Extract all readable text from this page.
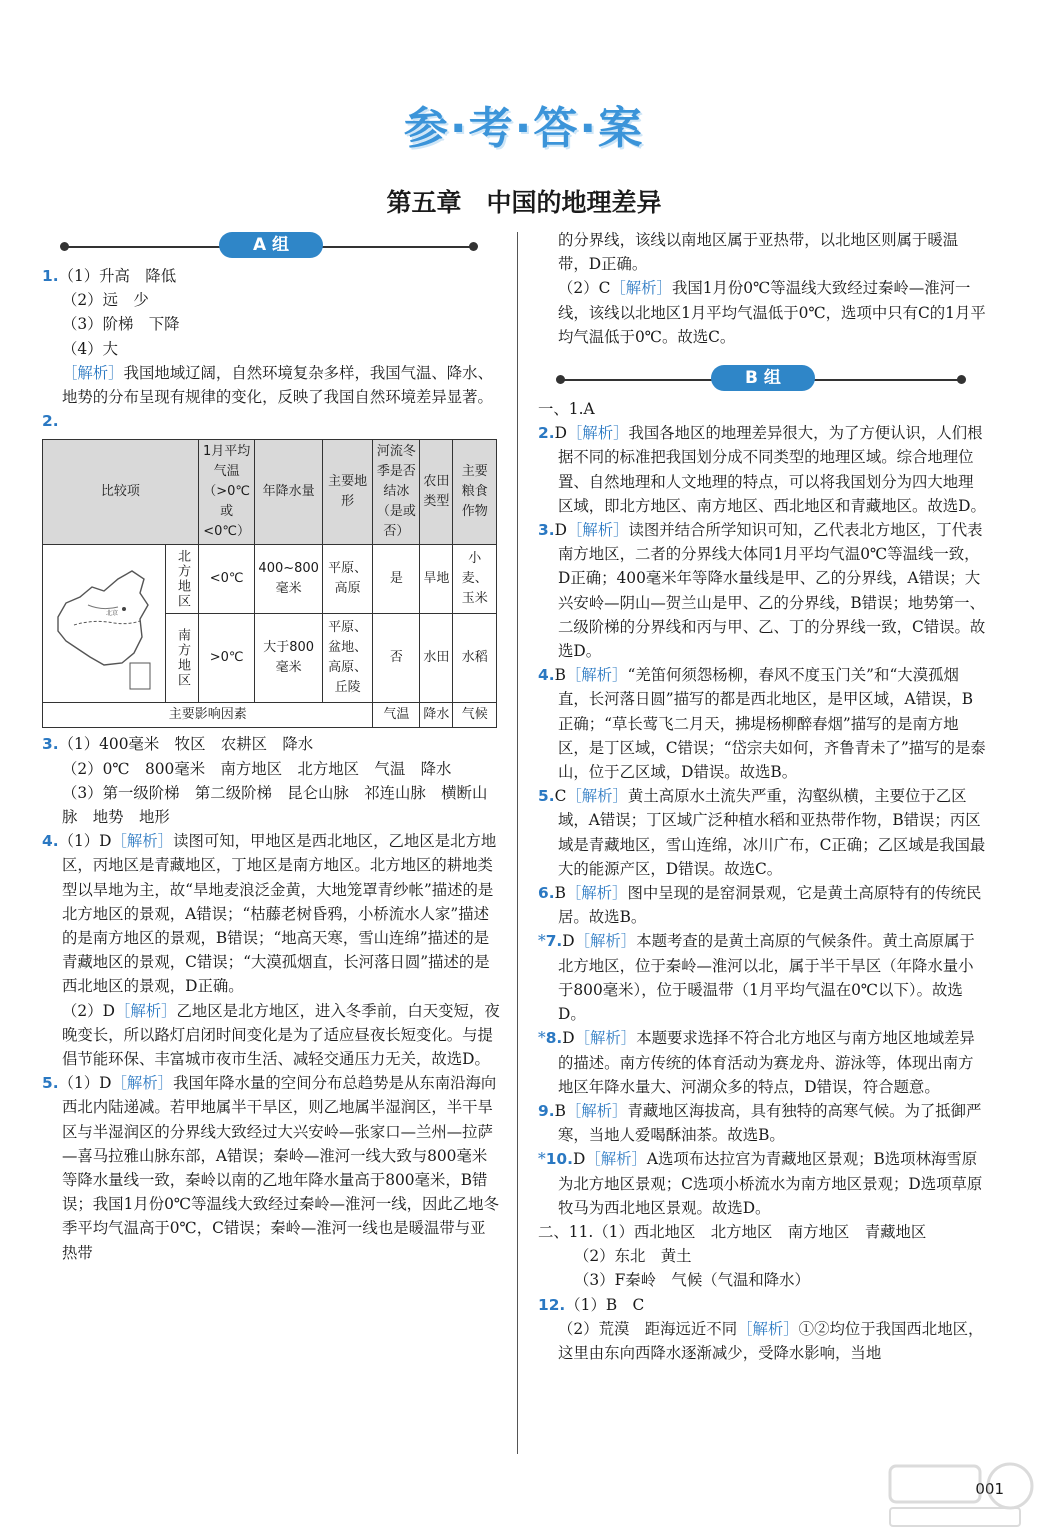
参·考·答·案
第五章　中国的地理差异
A 组

1.（1）升高　降低

（2）远　少

（3）阶梯　下降

（4）大

［解析］我国地域辽阔，自然环境复杂多样，我国气温、降水、地势的分布呈现有规律的变化，反映了我国自然环境差异显著。

2.

比较项		1月平均气温（>0℃或<0℃）	年降水量	主要地形	河流冬季是否结冰（是或否）	农田类型	主要粮食作物

北京	北方地区	<0℃	400~800毫米	平原、高原	是	旱地	小麦、玉米

	南方地区	>0℃	大于800毫米	平原、盆地、高原、丘陵	否	水田	水稻
主要影响因素					气温	降水	气候

3.（1）400毫米　牧区　农耕区　降水

（2）0℃　800毫米　南方地区　北方地区　气温　降水

（3）第一级阶梯　第二级阶梯　昆仑山脉　祁连山脉　横断山脉　地势　地形

4.（1）D［解析］读图可知，甲地区是西北地区，乙地区是北方地区，丙地区是青藏地区，丁地区是南方地区。北方地区的耕地类型以旱地为主，故“旱地麦浪泛金黄，大地笼罩青纱帐”描述的是北方地区的景观，A错误；“枯藤老树昏鸦，小桥流水人家”描述的是南方地区的景观，B错误；“地高天寒，雪山连绵”描述的是青藏地区的景观，C错误；“大漠孤烟直，长河落日圆”描述的是西北地区的景观，D正确。

（2）D［解析］乙地区是北方地区，进入冬季前，白天变短，夜晚变长，所以路灯启闭时间变化是为了适应昼夜长短变化。与提倡节能环保、丰富城市夜市生活、减轻交通压力无关，故选D。

5.（1）D［解析］我国年降水量的空间分布总趋势是从东南沿海向西北内陆递减。若甲地属半干旱区，则乙地属半湿润区，半干旱区与半湿润区的分界线大致经过大兴安岭—张家口—兰州—拉萨—喜马拉雅山脉东部，A错误；秦岭—淮河一线大致与800毫米等降水量线一致，秦岭以南的乙地年降水量高于800毫米，B错误；我国1月份0℃等温线大致经过秦岭—淮河一线，因此乙地冬季平均气温高于0℃，C错误；秦岭—淮河一线也是暖温带与亚热带

的分界线，该线以南地区属于亚热带，以北地区则属于暖温带，D正确。

（2）C［解析］我国1月份0℃等温线大致经过秦岭—淮河一线，该线以北地区1月平均气温低于0℃，选项中只有C的1月平均气温低于0℃。故选C。

B 组

一、1.A

2.D［解析］我国各地区的地理差异很大，为了方便认识，人们根据不同的标准把我国划分成不同类型的地理区域。综合地理位置、自然地理和人文地理的特点，可以将我国划分为四大地理区域，即北方地区、南方地区、西北地区和青藏地区。故选D。

3.D［解析］读图并结合所学知识可知，乙代表北方地区，丁代表南方地区，二者的分界线大体同1月平均气温0℃等温线一致，D正确；400毫米年等降水量线是甲、乙的分界线，A错误；大兴安岭—阴山—贺兰山是甲、乙的分界线，B错误；地势第一、二级阶梯的分界线和丙与甲、乙、丁的分界线一致，C错误。故选D。

4.B［解析］“羌笛何须怨杨柳，春风不度玉门关”和“大漠孤烟直，长河落日圆”描写的都是西北地区，是甲区域，A错误，B正确；“草长莺飞二月天，拂堤杨柳醉春烟”描写的是南方地区，是丁区域，C错误；“岱宗夫如何，齐鲁青未了”描写的是泰山，位于乙区域，D错误。故选B。

5.C［解析］黄土高原水土流失严重，沟壑纵横，主要位于乙区域，A错误；丁区域广泛种植水稻和亚热带作物，B错误；丙区域是青藏地区，雪山连绵，冰川广布，C正确；乙区域是我国最大的能源产区，D错误。故选C。

6.B［解析］图中呈现的是窑洞景观，它是黄土高原特有的传统民居。故选B。

*7.D［解析］本题考查的是黄土高原的气候条件。黄土高原属于北方地区，位于秦岭—淮河以北，属于半干旱区（年降水量小于800毫米），位于暖温带（1月平均气温在0℃以下）。故选D。

*8.D［解析］本题要求选择不符合北方地区与南方地区地域差异的描述。南方传统的体育活动为赛龙舟、游泳等，体现出南方地区年降水量大、河湖众多的特点，D错误，符合题意。

9.B［解析］青藏地区海拔高，具有独特的高寒气候。为了抵御严寒，当地人爱喝酥油茶。故选B。

*10.D［解析］A选项布达拉宫为青藏地区景观；B选项林海雪原为北方地区景观；C选项小桥流水为南方地区景观；D选项草原牧马为西北地区景观。故选D。

二、11.（1）西北地区　北方地区　南方地区　青藏地区

（2）东北　黄土

（3）F秦岭　气候（气温和降水）

12.（1）B　C

（2）荒漠　距海远近不同［解析］①②均位于我国西北地区，这里由东向西降水逐渐减少，受降水影响，当地

001
